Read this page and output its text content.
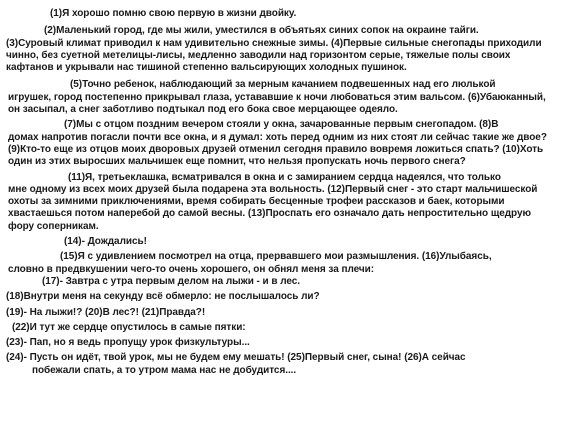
(1)Я хорошо помню свою первую в жизни двойку.

(2)Маленький город, где мы жили, уместился в объятьях синих сопок на окраине тайги.
(3)Суровый климат приводил к нам удивительно снежные зимы. (4)Первые сильные снегопады приходили чинно, без суетной метелицы-лисы, медленно заводили над горизонтом серые, тяжелые полы своих кафтанов и укрывали нас тишиной степенно вальсирующих холодных пушинок.

(5)Точно ребенок, наблюдающий за мерным качанием подвешенных над его люлькой
игрушек, город постепенно прикрывал глаза, устававшие к ночи любоваться этим вальсом. (6)Убаюканный, он засыпал, а снег заботливо подтыкал под его бока свое мерцающее одеяло.

(7)Мы с отцом поздним вечером стояли у окна, зачарованные первым снегопадом. (8)В
домах напротив погасли почти все окна, и я думал: хоть перед одним из них стоят ли сейчас такие же двое? (9)Кто-то еще из отцов моих дворовых друзей отменил сегодня правило вовремя ложиться спать? (10)Хоть один из этих выросших мальчишек еще помнит, что нельзя пропускать ночь первого снега?

(11)Я, третьеклашка, всматривался в окна и с замиранием сердца надеялся, что только
мне одному из всех моих друзей была подарена эта вольность. (12)Первый снег - это старт мальчишеской охоты за зимними приключениями, время собирать бесценные трофеи рассказов и баек, которыми хвастаешься потом наперебой до самой весны. (13)Проспать его означало дать непростительно щедрую фору соперникам.

(14)- Дождались!

(15)Я с удивлением посмотрел на отца, прервавшего мои размышления. (16)Улыбаясь,
словно в предвкушении чего-то очень хорошего, он обнял меня за плечи:

(17)- Завтра с утра первым делом на лыжи - и в лес.

(18)Внутри меня на секунду всё обмерло: не послышалось ли?

(19)- На лыжи!? (20)В лес?! (21)Правда?!

(22)И тут же сердце опустилось в самые пятки:

(23)- Пап, но я ведь пропущу урок физкультуры...

(24)- Пусть он идёт, твой урок, мы не будем ему мешать! (25)Первый снег, сына! (26)А сейчас
побежали спать, а то утром мама нас не добудится....
